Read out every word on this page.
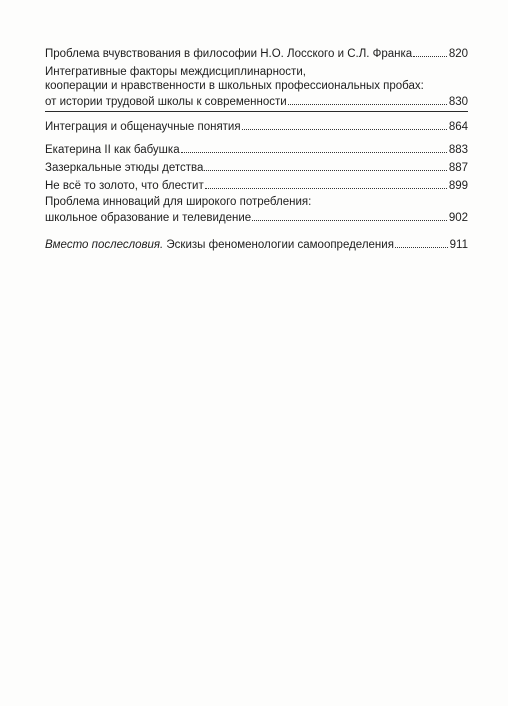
Проблема вчувствования в философии Н.О. Лосского и С.Л. Франка	820
Интегративные факторы междисциплинарности,
кооперации и нравственности в школьных профессиональных пробах:
от истории трудовой школы к современности	830
Интеграция и общенаучные понятия	864
Екатерина II как бабушка	883
Зазеркальные этюды детства	887
Не всё то золото, что блестит	899
Проблема инноваций для широкого потребления:
школьное образование и телевидение	902
Вместо послесловия. Эскизы феноменологии самоопределения	911
